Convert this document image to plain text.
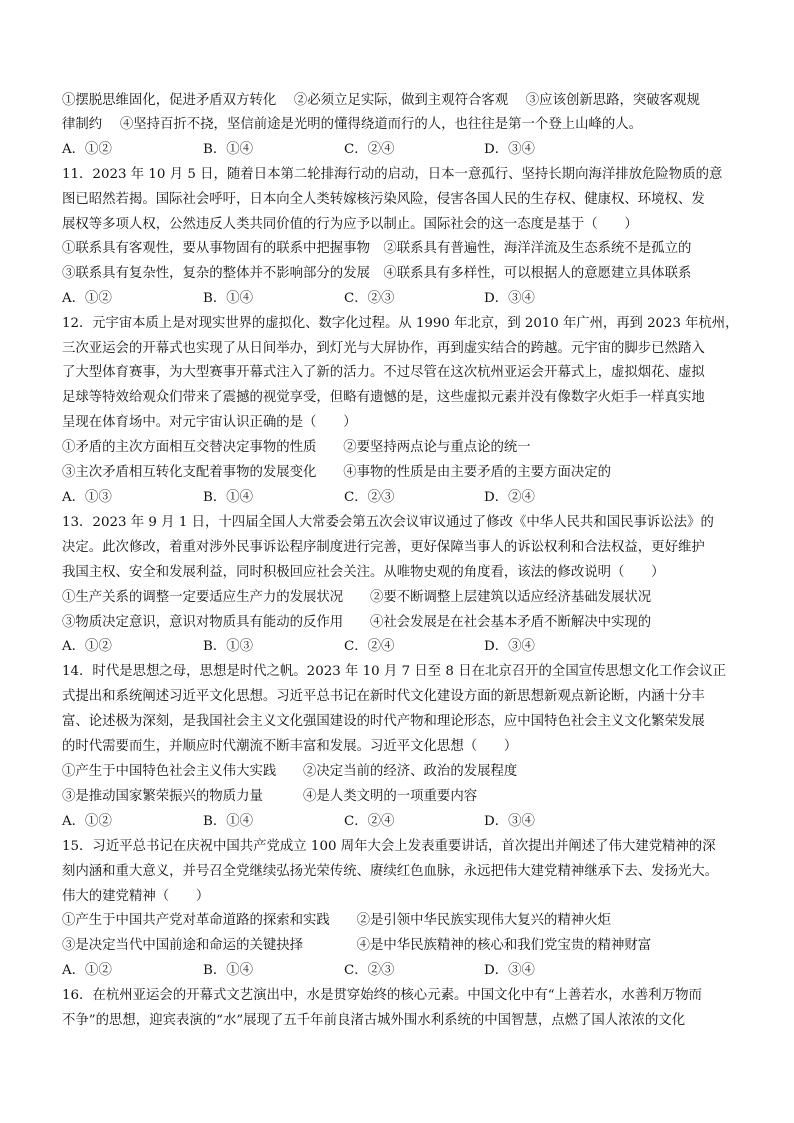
①摆脱思维固化，促进矛盾双方转化　 ②必须立足实际，做到主观符合客观　 ③应该创新思路，突破客观规
律制约　 ④坚持百折不挠，坚信前途是光明的懂得绕道而行的人，也往往是第一个登上山峰的人。
A．①②	B．①④	C．②④	D．③④
11．2023 年 10 月 5 日，随着日本第二轮排海行动的启动，日本一意孤行、坚持长期向海洋排放危险物质的意
图已昭然若揭。国际社会呼吁，日本向全人类转嫁核污染风险，侵害各国人民的生存权、健康权、环境权、发
展权等多项人权，公然违反人类共同价值的行为应予以制止。国际社会的这一态度是基于（　　）
①联系具有客观性，要从事物固有的联系中把握事物　②联系具有普遍性，海洋洋流及生态系统不是孤立的
③联系具有复杂性，复杂的整体并不影响部分的发展　④联系具有多样性，可以根据人的意愿建立具体联系
A．①②	B．①④	C．②③	D．③④
12．元宇宙本质上是对现实世界的虚拟化、数字化过程。从 1990 年北京，到 2010 年广州，再到 2023 年杭州，
三次亚运会的开幕式也实现了从日间举办，到灯光与大屏协作，再到虚实结合的跨越。元宇宙的脚步已然踏入
了大型体育赛事，为大型赛事开幕式注入了新的活力。不过尽管在这次杭州亚运会开幕式上，虚拟烟花、虚拟
足球等特效给观众们带来了震撼的视觉享受，但略有遗憾的是，这些虚拟元素并没有像数字火炬手一样真实地
呈现在体育场中。对元宇宙认识正确的是（　　）
①矛盾的主次方面相互交替决定事物的性质　　②要坚持两点论与重点论的统一
③主次矛盾相互转化支配着事物的发展变化　　④事物的性质是由主要矛盾的主要方面决定的
A．①③	B．①④	C．②③	D．②④
13．2023 年 9 月 1 日，十四届全国人大常委会第五次会议审议通过了修改《中华人民共和国民事诉讼法》的
决定。此次修改，着重对涉外民事诉讼程序制度进行完善，更好保障当事人的诉讼权利和合法权益，更好维护
我国主权、安全和发展利益，同时积极回应社会关注。从唯物史观的角度看，该法的修改说明（　　）
①生产关系的调整一定要适应生产力的发展状况　　②要不断调整上层建筑以适应经济基础发展状况
③物质决定意识，意识对物质具有能动的反作用　　④社会发展是在社会基本矛盾不断解决中实现的
A．①②	B．①③	C．②④	D．③④
14．时代是思想之母，思想是时代之帆。2023 年 10 月 7 日至 8 日在北京召开的全国宣传思想文化工作会议正
式提出和系统阐述习近平文化思想。习近平总书记在新时代文化建设方面的新思想新观点新论断，内涵十分丰
富、论述极为深刻，是我国社会主义文化强国建设的时代产物和理论形态，应中国特色社会主义文化繁荣发展
的时代需要而生，并顺应时代潮流不断丰富和发展。习近平文化思想（　　）
①产生于中国特色社会主义伟大实践　　②决定当前的经济、政治的发展程度
③是推动国家繁荣振兴的物质力量　　　④是人类文明的一项重要内容
A．①②	B．①④	C．②④	D．③④
15．习近平总书记在庆祝中国共产党成立 100 周年大会上发表重要讲话，首次提出并阐述了伟大建党精神的深
刻内涵和重大意义，并号召全党继续弘扬光荣传统、赓续红色血脉，永远把伟大建党精神继承下去、发扬光大。
伟大的建党精神（　　）
①产生于中国共产党对革命道路的探索和实践　　②是引领中华民族实现伟大复兴的精神火炬
③是决定当代中国前途和命运的关键抉择　　　　④是中华民族精神的核心和我们党宝贵的精神财富
A．①②	B．①④	C．②③	D．③④
16．在杭州亚运会的开幕式文艺演出中，水是贯穿始终的核心元素。中国文化中有“上善若水，水善利万物而
不争”的思想，迎宾表演的“水”展现了五千年前良渚古城外围水利系统的中国智慧，点燃了国人浓浓的文化
